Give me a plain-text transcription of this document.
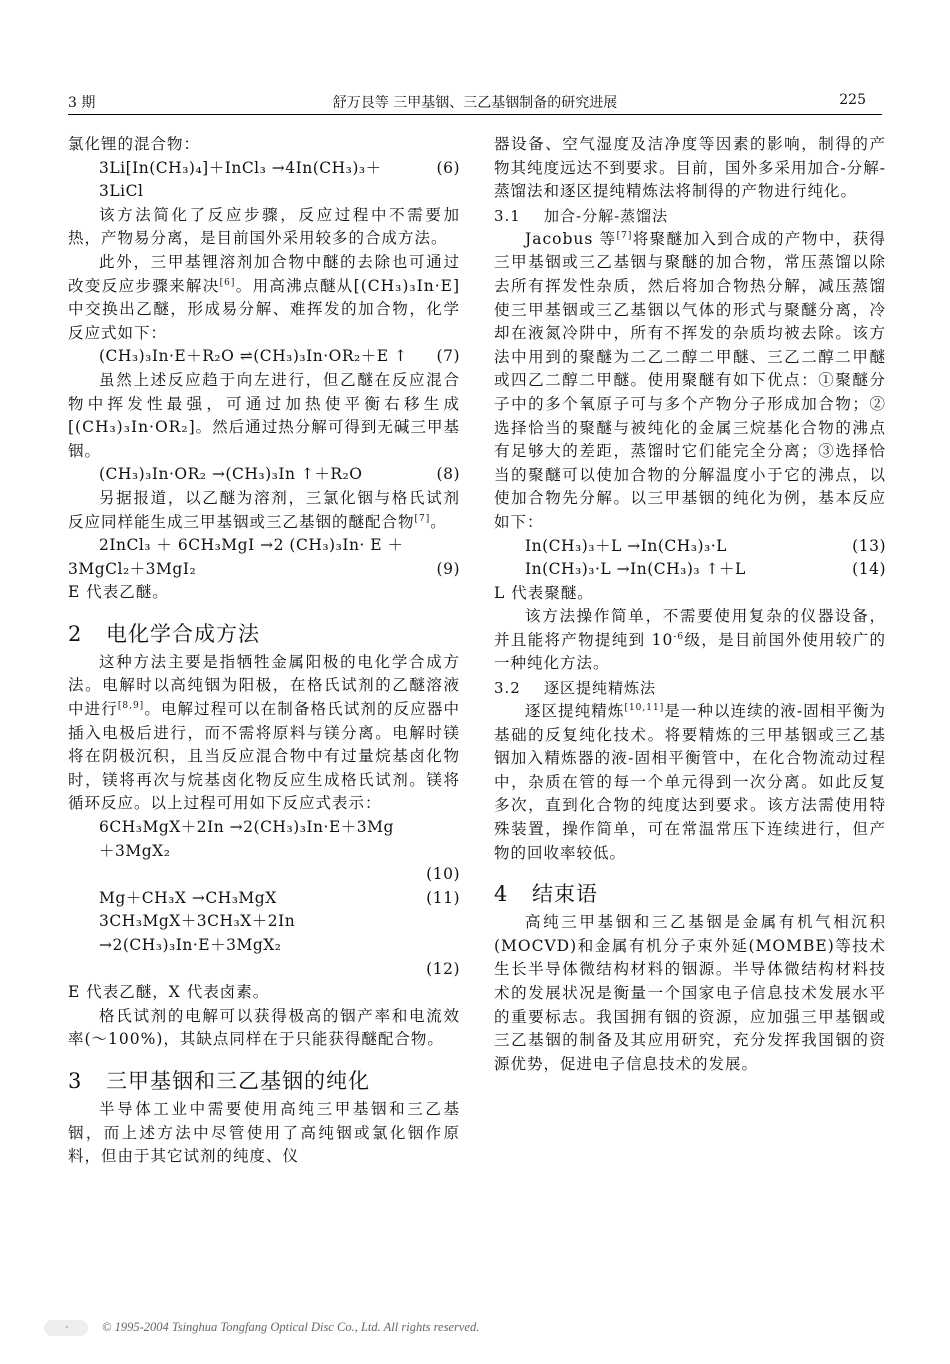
3 期	舒万艮等 三甲基铟、三乙基铟制备的研究进展	225

氯化锂的混合物：

3Li[In(CH₃)₄]＋InCl₃ →4In(CH₃)₃＋3LiCl
(6)

该方法简化了反应步骤，反应过程中不需要加热，产物易分离，是目前国外采用较多的合成方法。

此外，三甲基锂溶剂加合物中醚的去除也可通过改变反应步骤来解决[6]。用高沸点醚从[(CH₃)₃In·E]中交换出乙醚，形成易分解、难挥发的加合物，化学反应式如下：

(CH₃)₃In·E＋R₂O ⇌(CH₃)₃In·OR₂＋E ↑ (7)

虽然上述反应趋于向左进行，但乙醚在反应混合物中挥发性最强，可通过加热使平衡右移生成[(CH₃)₃In·OR₂]。然后通过热分解可得到无碱三甲基铟。

(CH₃)₃In·OR₂ →(CH₃)₃In ↑＋R₂O	(8)

另据报道，以乙醚为溶剂，三氯化铟与格氏试剂反应同样能生成三甲基铟或三乙基铟的醚配合物[7]。

2InCl₃ ＋ 6CH₃MgI →2 (CH₃)₃In· E ＋
3MgCl₂＋3MgI₂	(9)

E 代表乙醚。

2 电化学合成方法

这种方法主要是指牺牲金属阳极的电化学合成方法。电解时以高纯铟为阳极，在格氏试剂的乙醚溶液中进行[8,9]。电解过程可以在制备格氏试剂的反应器中插入电极后进行，而不需将原料与镁分离。电解时镁将在阴极沉积，且当反应混合物中有过量烷基卤化物时，镁将再次与烷基卤化物反应生成格氏试剂。镁将循环反应。以上过程可用如下反应式表示：

6CH₃MgX＋2In →2(CH₃)₃In·E＋3Mg＋3MgX₂
(10)
Mg＋CH₃X →CH₃MgX	(11)
3CH₃MgX＋3CH₃X＋2In →2(CH₃)₃In·E＋3MgX₂
(12)

E 代表乙醚，X 代表卤素。

格氏试剂的电解可以获得极高的铟产率和电流效率(～100%)，其缺点同样在于只能获得醚配合物。

3 三甲基铟和三乙基铟的纯化

半导体工业中需要使用高纯三甲基铟和三乙基铟，而上述方法中尽管使用了高纯铟或氯化铟作原料，但由于其它试剂的纯度、仪

器设备、空气湿度及洁净度等因素的影响，制得的产物其纯度远达不到要求。目前，国外多采用加合-分解-蒸馏法和逐区提纯精炼法将制得的产物进行纯化。

3.1 加合-分解-蒸馏法

Jacobus 等[7]将聚醚加入到合成的产物中，获得三甲基铟或三乙基铟与聚醚的加合物，常压蒸馏以除去所有挥发性杂质，然后将加合物热分解，减压蒸馏使三甲基铟或三乙基铟以气体的形式与聚醚分离，冷却在液氮冷阱中，所有不挥发的杂质均被去除。该方法中用到的聚醚为二乙二醇二甲醚、三乙二醇二甲醚或四乙二醇二甲醚。使用聚醚有如下优点：①聚醚分子中的多个氧原子可与多个产物分子形成加合物；②选择恰当的聚醚与被纯化的金属三烷基化合物的沸点有足够大的差距，蒸馏时它们能完全分离；③选择恰当的聚醚可以使加合物的分解温度小于它的沸点，以使加合物先分解。以三甲基铟的纯化为例，基本反应如下：

In(CH₃)₃＋L →In(CH₃)₃·L	(13)
In(CH₃)₃·L →In(CH₃)₃ ↑＋L	(14)

L 代表聚醚。

该方法操作简单，不需要使用复杂的仪器设备，并且能将产物提纯到 $10^{-6}$级，是目前国外使用较广的一种纯化方法。

3.2 逐区提纯精炼法

逐区提纯精炼[10,11]是一种以连续的液-固相平衡为基础的反复纯化技术。将要精炼的三甲基铟或三乙基铟加入精炼器的液-固相平衡管中，在化合物流动过程中，杂质在管的每一个单元得到一次分离。如此反复多次，直到化合物的纯度达到要求。该方法需使用特殊装置，操作简单，可在常温常压下连续进行，但产物的回收率较低。

4 结束语

高纯三甲基铟和三乙基铟是金属有机气相沉积(MOCVD)和金属有机分子束外延(MOMBE)等技术生长半导体微结构材料的铟源。半导体微结构材料技术的发展状况是衡量一个国家电子信息技术发展水平的重要标志。我国拥有铟的资源，应加强三甲基铟或三乙基铟的制备及其应用研究，充分发挥我国铟的资源优势，促进电子信息技术的发展。

◔	© 1995-2004 Tsinghua Tongfang Optical Disc Co., Ltd. All rights reserved.
